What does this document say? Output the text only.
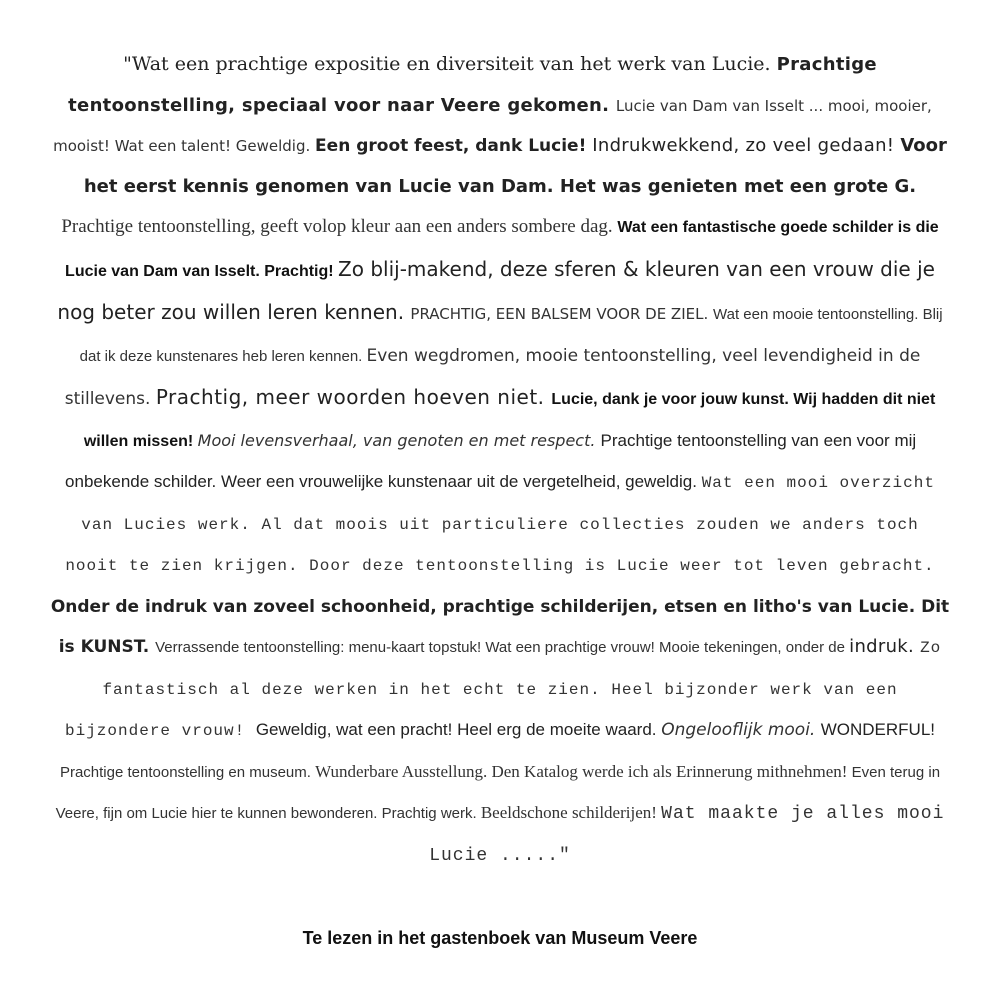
"Wat een prachtige expositie en diversiteit van het werk van Lucie. Prachtige tentoonstelling, speciaal voor naar Veere gekomen. Lucie van Dam van Isselt ... mooi, mooier, mooist! Wat een talent! Geweldig. Een groot feest, dank Lucie! Indrukwekkend, zo veel gedaan! Voor het eerst kennis genomen van Lucie van Dam. Het was genieten met een grote G. Prachtige tentoonstelling, geeft volop kleur aan een anders sombere dag. Wat een fantastische goede schilder is die Lucie van Dam van Isselt. Prachtig! Zo blij-makend, deze sferen & kleuren van een vrouw die je nog beter zou willen leren kennen. PRACHTIG, EEN BALSEM VOOR DE ZIEL. Wat een mooie tentoonstelling. Blij dat ik deze kunstenares heb leren kennen. Even wegdromen, mooie tentoonstelling, veel levendigheid in de stillevens. Prachtig, meer woorden hoeven niet. Lucie, dank je voor jouw kunst. Wij hadden dit niet willen missen! Mooi levensverhaal, van genoten en met respect. Prachtige tentoonstelling van een voor mij onbekende schilder. Weer een vrouwelijke kunstenaar uit de vergetelheid, geweldig. Wat een mooi overzicht van Lucies werk. Al dat moois uit particuliere collecties zouden we anders toch nooit te zien krijgen. Door deze tentoonstelling is Lucie weer tot leven gebracht. Onder de indruk van zoveel schoonheid, prachtige schilderijen, etsen en litho's van Lucie. Dit is KUNST. Verrassende tentoonstelling: menu-kaart topstuk! Wat een prachtige vrouw! Mooie tekeningen, onder de indruk. Zo fantastisch al deze werken in het echt te zien. Heel bijzonder werk van een bijzondere vrouw! Geweldig, wat een pracht! Heel erg de moeite waard. Ongelooflijk mooi. WONDERFUL! Prachtige tentoonstelling en museum. Wunderbare Ausstellung. Den Katalog werde ich als Erinnerung mithnehmen! Even terug in Veere, fijn om Lucie hier te kunnen bewonderen. Prachtig werk. Beeldschone schilderijen! Wat maakte je alles mooi Lucie ....."
Te lezen in het gastenboek van Museum Veere
